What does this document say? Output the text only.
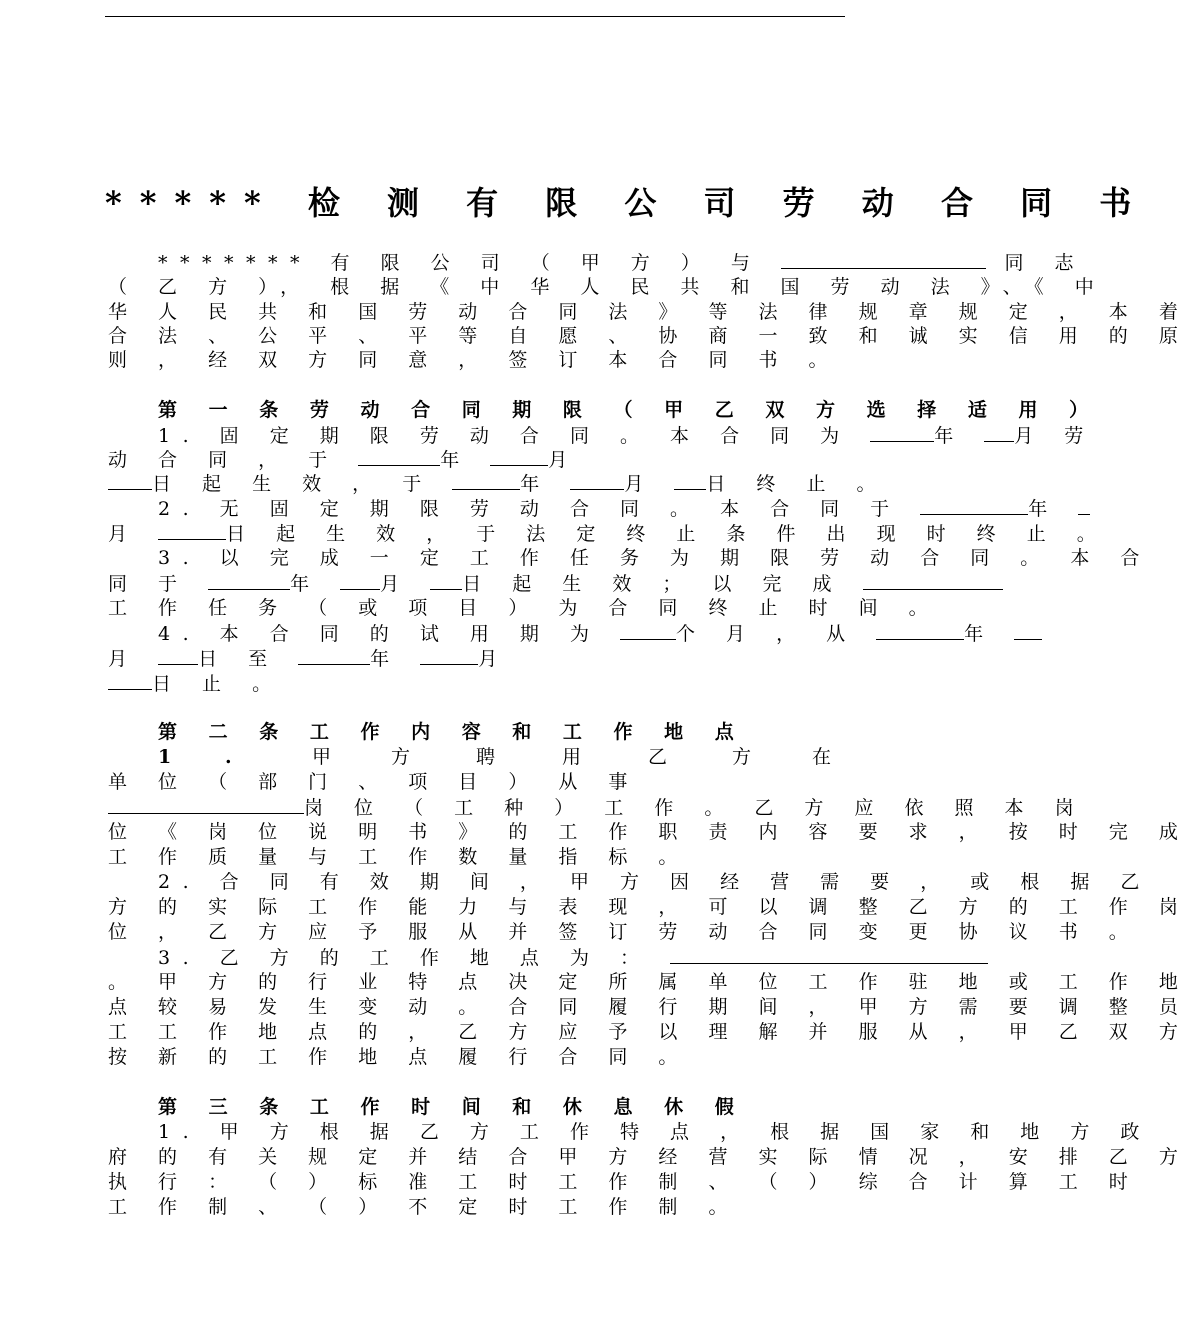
***** 检 测 有 限 公 司 劳 动 合 同 书
******* 有 限 公 司 （ 甲 方 ） 与	同 志
（ 乙 方 ）， 根 据 《 中 华 人 民 共 和 国 劳 动 法 》、《 中
华 人 民 共 和 国 劳 动 合 同 法 》 等 法 律 规 章 规 定 ， 本 着
合 法 、 公 平 、 平 等 自 愿 、 协 商 一 致 和 诚 实 信 用 的 原
则 ， 经 双 方 同 意 ， 签 订 本 合 同 书 。
第 一 条 劳 动 合 同 期 限 （ 甲 乙 双 方 选 择 适 用 ）
1. 固 定 期 限 劳 动 合 同 。 本 合 同 为	年	月 劳
动 合 同 ， 于	年	月
日 起 生 效 ， 于	年	月	日 终 止 。
2. 无 固 定 期 限 劳 动 合 同 。 本 合 同 于	年
月	日 起 生 效 ， 于 法 定 终 止 条 件 出 现 时 终 止 。
3. 以 完 成 一 定 工 作 任 务 为 期 限 劳 动 合 同 。 本 合
同 于	年	月	日 起 生 效 ； 以 完 成
工 作 任 务 （ 或 项 目 ） 为 合 同 终 止 时 间 。
4. 本 合 同 的 试 用 期 为	个 月 ， 从	年
月	日 至	年	月
日 止 。
第 二 条 工 作 内 容 和 工 作 地 点
1	.	甲	方	聘	用	乙	方	在
单 位 （ 部 门 、 项 目 ） 从 事
岗 位 （ 工 种 ） 工 作 。 乙 方 应 依 照 本 岗
位 《 岗 位 说 明 书 》 的 工 作 职 责 内 容 要 求 ， 按 时 完 成
工 作 质 量 与 工 作 数 量 指 标 。
2. 合 同 有 效 期 间 ， 甲 方 因 经 营 需 要 ， 或 根 据 乙
方 的 实 际 工 作 能 力 与 表 现 ， 可 以 调 整 乙 方 的 工 作 岗
位 ， 乙 方 应 予 服 从 并 签 订 劳 动 合 同 变 更 协 议 书 。
3. 乙 方 的 工 作 地 点 为 ：
。 甲 方 的 行 业 特 点 决 定 所 属 单 位 工 作 驻 地 或 工 作 地
点 较 易 发 生 变 动 。 合 同 履 行 期 间 ， 甲 方 需 要 调 整 员
工 工 作 地 点 的 ， 乙 方 应 予 以 理 解 并 服 从 ， 甲 乙 双 方
按 新 的 工 作 地 点 履 行 合 同 。
第 三 条 工 作 时 间 和 休 息 休 假
1. 甲 方 根 据 乙 方 工 作 特 点 ， 根 据 国 家 和 地 方 政
府 的 有 关 规 定 并 结 合 甲 方 经 营 实 际 情 况 ， 安 排 乙 方
执 行 ： （ ） 标 准 工 时 工 作 制 、 （ ） 综 合 计 算 工 时
工 作 制 、 （ ） 不 定 时 工 作 制 。
